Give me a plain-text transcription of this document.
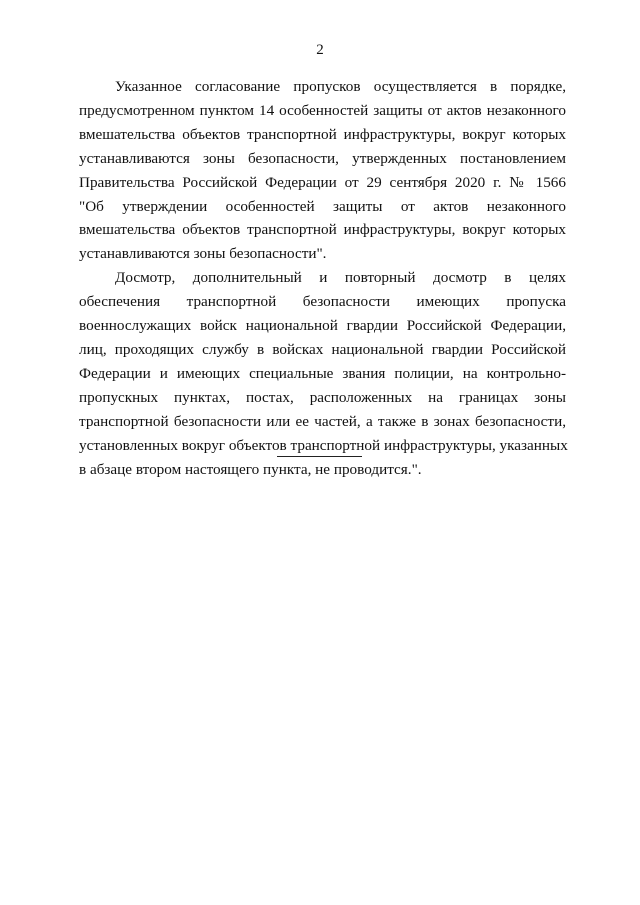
2

Указанное согласование пропусков осуществляется в порядке,
предусмотренном пунктом 14 особенностей защиты от актов незаконного
вмешательства объектов транспортной инфраструктуры, вокруг которых
устанавливаются зоны безопасности, утвержденных постановлением
Правительства Российской Федерации от 29 сентября 2020 г. № 1566
"Об утверждении особенностей защиты от актов незаконного
вмешательства объектов транспортной инфраструктуры, вокруг которых
устанавливаются зоны безопасности".

Досмотр, дополнительный и повторный досмотр в целях
обеспечения транспортной безопасности имеющих пропуска
военнослужащих войск национальной гвардии Российской Федерации,
лиц, проходящих службу в войсках национальной гвардии Российской
Федерации и имеющих специальные звания полиции, на контрольно-
пропускных пунктах, постах, расположенных на границах зоны
транспортной безопасности или ее частей, а также в зонах безопасности,
установленных вокруг объектов транспортной инфраструктуры, указанных
в абзаце втором настоящего пункта, не проводится.".
